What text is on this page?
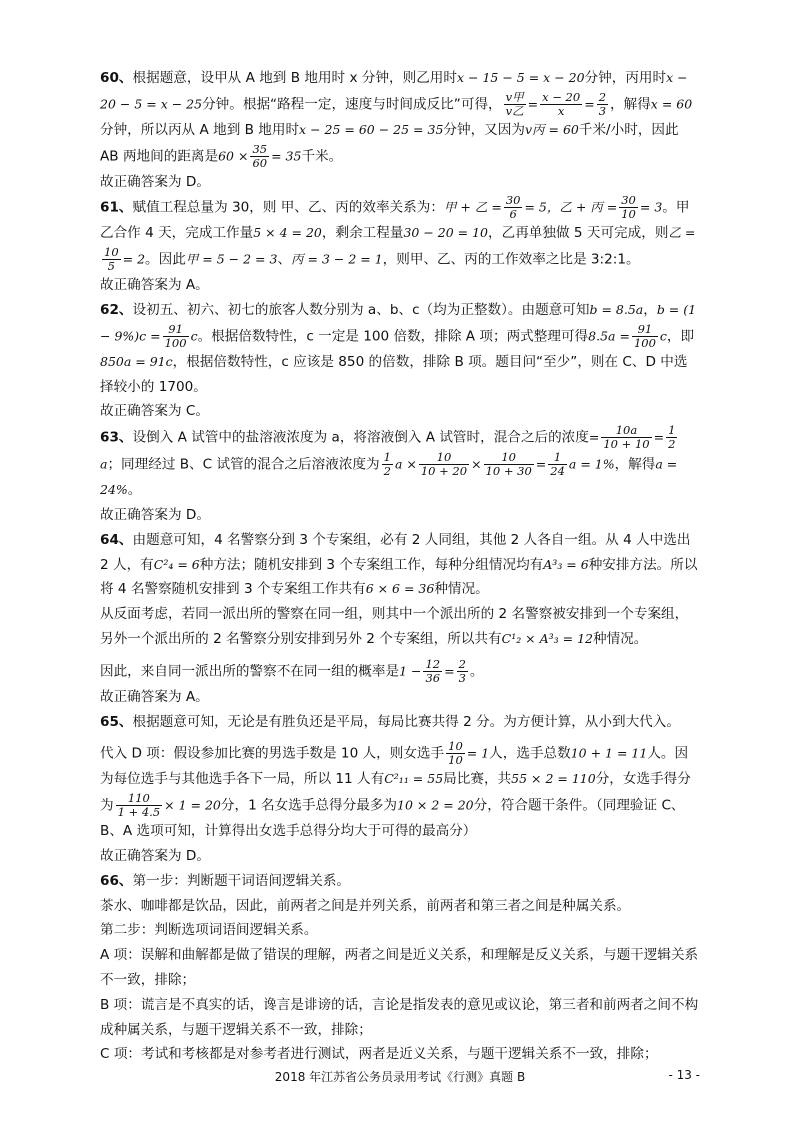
60、根据题意，设甲从 A 地到 B 地用时 x 分钟，则乙用时x − 15 − 5 = x − 20分钟，丙用时x − 20 − 5 = x − 25分钟。根据“路程一定，速度与时间成反比”可得， $\frac{\text{v甲}}{\text{v乙}} = \frac{x - 20}{x} = \frac{2}{3}$ ，解得x = 60分钟，所以丙从 A 地到 B 地用时x − 25 = 60 − 25 = 35分钟，又因为v丙 = 60千米/小时，因此 AB 两地间的距离是$60 \times \frac{35}{60} = 35$千米。

故正确答案为 D。

61、赋值工程总量为 30，则 甲、乙、丙的效率关系为：甲 + 乙 = $\frac{30}{6} = 5$，乙 + 丙 = $\frac{30}{10} = 3$。甲乙合作 4 天，完成工作量5 × 4 = 20，剩余工程量30 − 20 = 10，乙再单独做 5 天可完成，则乙 =
$\frac{10}{5} = 2$。因此甲 = 5 − 2 = 3、丙 = 3 − 2 = 1，则甲、乙、丙的工作效率之比是 3:2:1。

故正确答案为 A。

62、设初五、初六、初七的旅客人数分别为 a、b、c（均为正整数）。由题意可知b = 8.5a，$b = (1 - 9\%)c = \frac{91}{100}$ c。根据倍数特性，c 一定是 100 倍数，排除 A 项；两式整理可得$8.5a = \frac{91}{100}$ c，即850a = 91c，根据倍数特性，c 应该是 850 的倍数，排除 B 项。题目问“至少”，则在 C、D 中选择较小的 1700。

故正确答案为 C。

63、设倒入 A 试管中的盐溶液浓度为 a，将溶液倒入 A 试管时，混合之后的浓度= $\frac{10a}{10 + 10} = \frac{1}{2}$
a；同理经过 B、C 试管的混合之后溶液浓度为 $\frac{1}{2}$ $a \times \frac{10}{10 + 20} \times \frac{10}{10 + 30} = \frac{1}{24}$ a = 1%，解得a = 24%。

故正确答案为 D。

64、由题意可知，4 名警察分到 3 个专案组，必有 2 人同组，其他 2 人各自一组。从 4 人中选出 2 人，有C²₄ = 6种方法；随机安排到 3 个专案组工作，每种分组情况均有A³₃ = 6种安排方法。所以将 4 名警察随机安排到 3 个专案组工作共有6 × 6 = 36种情况。

从反面考虑，若同一派出所的警察在同一组，则其中一个派出所的 2 名警察被安排到一个专案组，另外一个派出所的 2 名警察分别安排到另外 2 个专案组，所以共有C¹₂ × A³₃ = 12种情况。

因此，来自同一派出所的警察不在同一组的概率是$1 - \frac{12}{36} = \frac{2}{3}$ 。

故正确答案为 A。

65、根据题意可知，无论是有胜负还是平局，每局比赛共得 2 分。为方便计算，从小到大代入。

代入 D 项：假设参加比赛的男选手数是 10 人，则女选手 $\frac{10}{10} = 1$人，选手总数10 + 1 = 11人。因为每位选手与其他选手各下一局，所以 11 人有C²₁₁ = 55局比赛，共55 × 2 = 110分，女选手得分为 $\frac{110}{1 + 4.5} \times 1 = 20$分，1 名女选手总得分最多为10 × 2 = 20分，符合题干条件。（同理验证 C、B、A 选项可知，计算得出女选手总得分均大于可得的最高分）

故正确答案为 D。

66、第一步：判断题干词语间逻辑关系。

茶水、咖啡都是饮品，因此，前两者之间是并列关系，前两者和第三者之间是种属关系。

第二步：判断选项词语间逻辑关系。

A 项：误解和曲解都是做了错误的理解，两者之间是近义关系，和理解是反义关系，与题干逻辑关系不一致，排除；

B 项：谎言是不真实的话，谗言是诽谤的话，言论是指发表的意见或议论，第三者和前两者之间不构成种属关系，与题干逻辑关系不一致，排除；

C 项：考试和考核都是对参考者进行测试，两者是近义关系，与题干逻辑关系不一致，排除；

2018 年江苏省公务员录用考试《行测》真题 B	- 13 -
